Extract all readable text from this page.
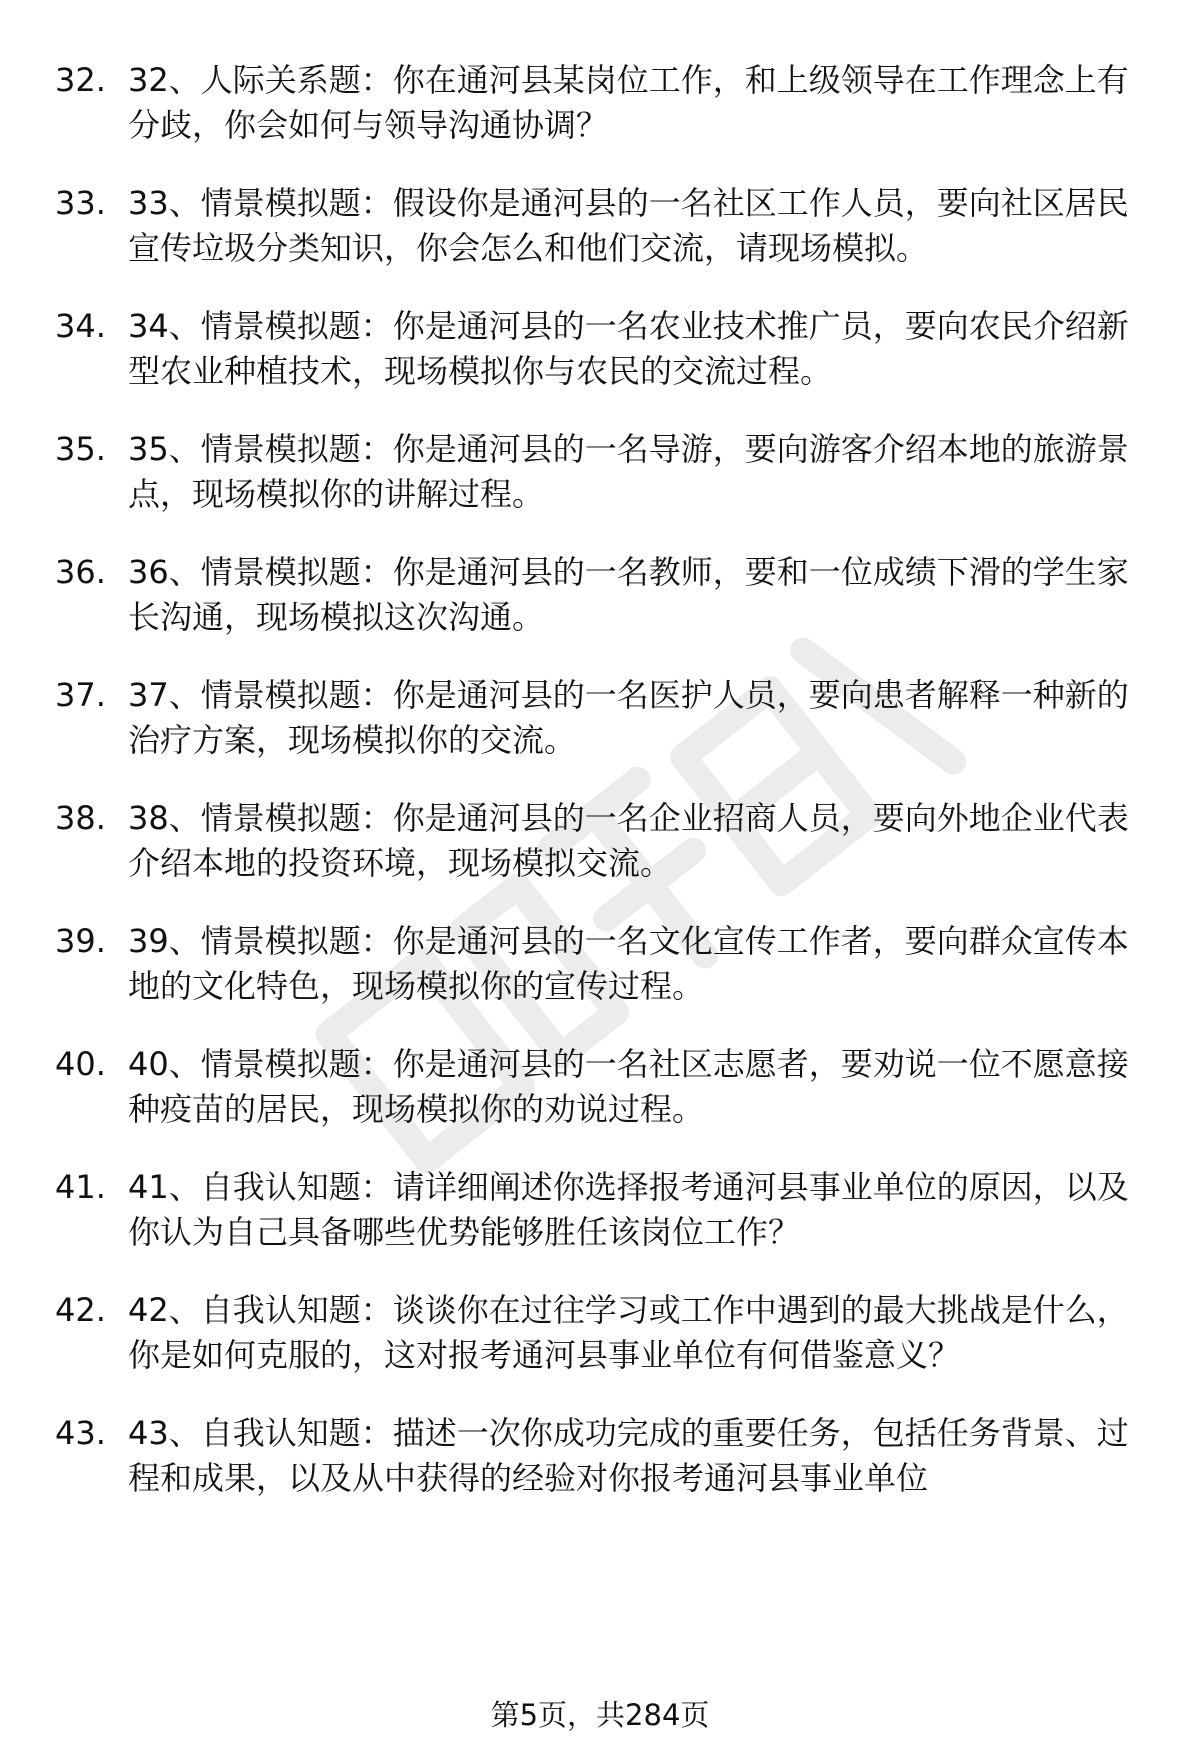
32. 32、人际关系题：你在通河县某岗位工作，和上级领导在工作理念上有分歧，你会如何与领导沟通协调？
33. 33、情景模拟题：假设你是通河县的一名社区工作人员，要向社区居民宣传垃圾分类知识，你会怎么和他们交流，请现场模拟。
34. 34、情景模拟题：你是通河县的一名农业技术推广员，要向农民介绍新型农业种植技术，现场模拟你与农民的交流过程。
35. 35、情景模拟题：你是通河县的一名导游，要向游客介绍本地的旅游景点，现场模拟你的讲解过程。
36. 36、情景模拟题：你是通河县的一名教师，要和一位成绩下滑的学生家长沟通，现场模拟这次沟通。
37. 37、情景模拟题：你是通河县的一名医护人员，要向患者解释一种新的治疗方案，现场模拟你的交流。
38. 38、情景模拟题：你是通河县的一名企业招商人员，要向外地企业代表介绍本地的投资环境，现场模拟交流。
39. 39、情景模拟题：你是通河县的一名文化宣传工作者，要向群众宣传本地的文化特色，现场模拟你的宣传过程。
40. 40、情景模拟题：你是通河县的一名社区志愿者，要劝说一位不愿意接种疫苗的居民，现场模拟你的劝说过程。
41. 41、自我认知题：请详细阐述你选择报考通河县事业单位的原因，以及你认为自己具备哪些优势能够胜任该岗位工作？
42. 42、自我认知题：谈谈你在过往学习或工作中遇到的最大挑战是什么，你是如何克服的，这对报考通河县事业单位有何借鉴意义？
43. 43、自我认知题：描述一次你成功完成的重要任务，包括任务背景、过程和成果，以及从中获得的经验对你报考通河县事业单位
第5页，共284页
